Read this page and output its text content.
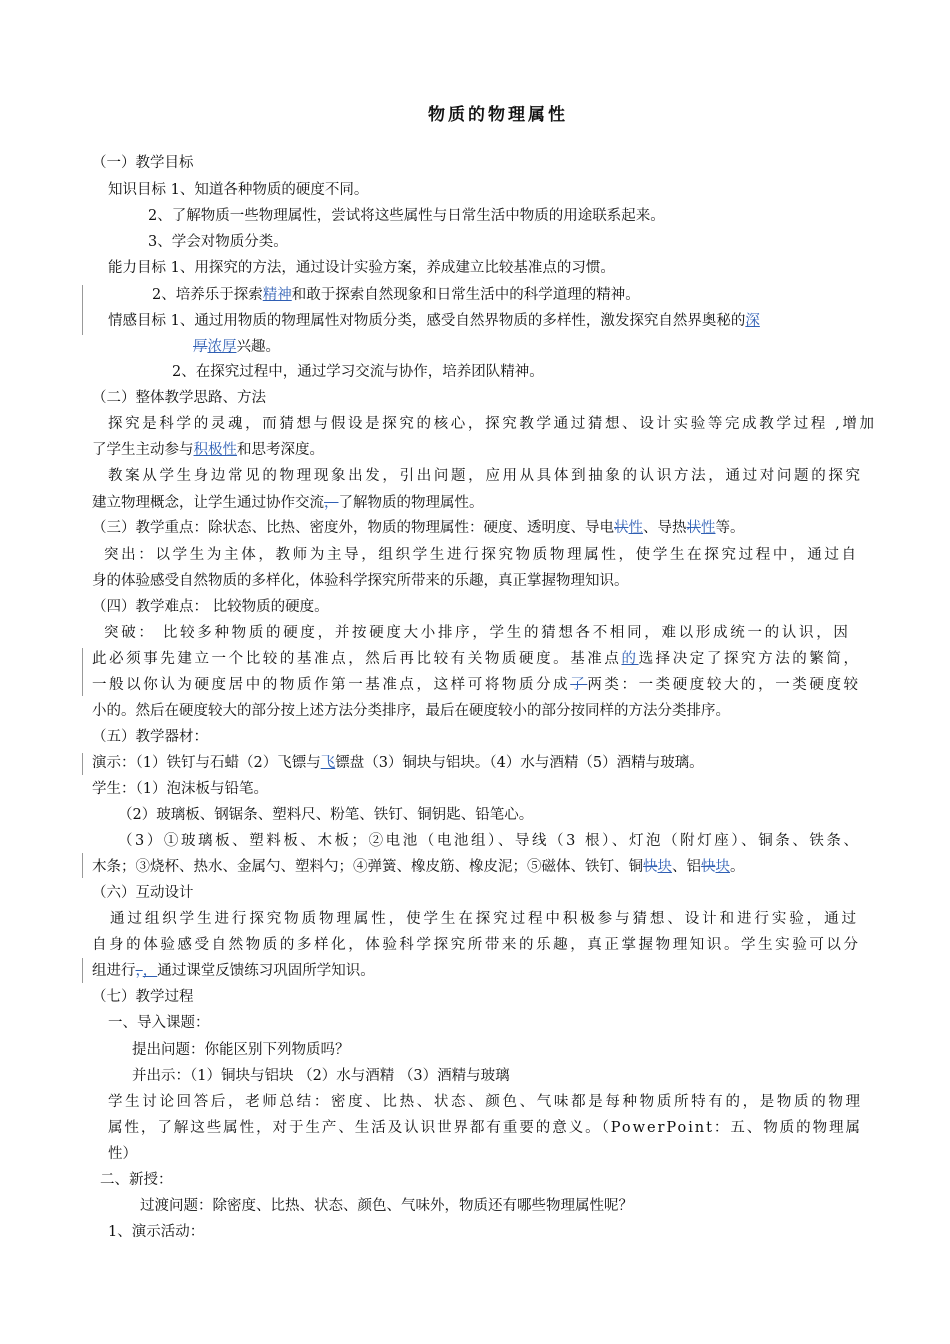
物质的物理属性
（一）教学目标
知识目标 1、知道各种物质的硬度不同。
2、了解物质一些物理属性，尝试将这些属性与日常生活中物质的用途联系起来。
3、学会对物质分类。
能力目标 1、用探究的方法，通过设计实验方案，养成建立比较基准点的习惯。
2、培养乐于探索精神和敢于探索自然现象和日常生活中的科学道理的精神。
情感目标 1、通过用物质的物理属性对物质分类，感受自然界物质的多样性，激发探究自然界奥秘的深
厚浓厚兴趣。
2、在探究过程中，通过学习交流与协作，培养团队精神。
（二）整体教学思路、方法
探究是科学的灵魂，而猜想与假设是探究的核心，探究教学通过猜想、设计实验等完成教学过程 ,增加
了学生主动参与积极性和思考深度。
教案从学生身边常见的物理现象出发，引出问题，应用从具体到抽象的认识方法，通过对问题的探究
建立物理概念，让学生通过协作交流，了解物质的物理属性。
（三）教学重点：除状态、比热、密度外，物质的物理属性：硬度、透明度、导电状性、导热状性等。
突出：以学生为主体，教师为主导，组织学生进行探究物质物理属性，使学生在探究过程中，通过自
身的体验感受自然物质的多样化，体验科学探究所带来的乐趣，真正掌握物理知识。
（四）教学难点： 比较物质的硬度。
突破： 比较多种物质的硬度，并按硬度大小排序，学生的猜想各不相同，难以形成统一的认识，因
此必须事先建立一个比较的基准点，然后再比较有关物质硬度。基准点的选择决定了探究方法的繁简，
一般以你认为硬度居中的物质作第一基准点，这样可将物质分成了两类：一类硬度较大的，一类硬度较
小的。然后在硬度较大的部分按上述方法分类排序，最后在硬度较小的部分按同样的方法分类排序。
（五）教学器材：
演示：（1）铁钉与石蜡（2）飞镖与飞镖盘（3）铜块与铝块。（4）水与酒精（5）酒精与玻璃。
学生：（1）泡沫板与铅笔。
（2）玻璃板、钢锯条、塑料尺、粉笔、铁钉、铜钥匙、铅笔心。
（3）①玻璃板、塑料板、木板；②电池（电池组）、导线（3 根）、灯泡（附灯座）、铜条、铁条、
木条；③烧杯、热水、金属勺、塑料勺；④弹簧、橡皮筋、橡皮泥；⑤磁体、铁钉、铜快块、铝快块。
（六）互动设计
通过组织学生进行探究物质物理属性，使学生在探究过程中积极参与猜想、设计和进行实验，通过
自身的体验感受自然物质的多样化，体验科学探究所带来的乐趣，真正掌握物理知识。学生实验可以分
组进行，，通过课堂反馈练习巩固所学知识。
（七）教学过程
一、导入课题：
提出问题：你能区别下列物质吗？
并出示：（1）铜块与铝块 （2）水与酒精 （3）酒精与玻璃
学生讨论回答后，老师总结：密度、比热、状态、颜色、气味都是每种物质所特有的，是物质的物理
属性，了解这些属性，对于生产、生活及认识世界都有重要的意义。（PowerPoint：五、物质的物理属
性）
二、新授：
过渡问题：除密度、比热、状态、颜色、气味外，物质还有哪些物理属性呢？
1、演示活动：
